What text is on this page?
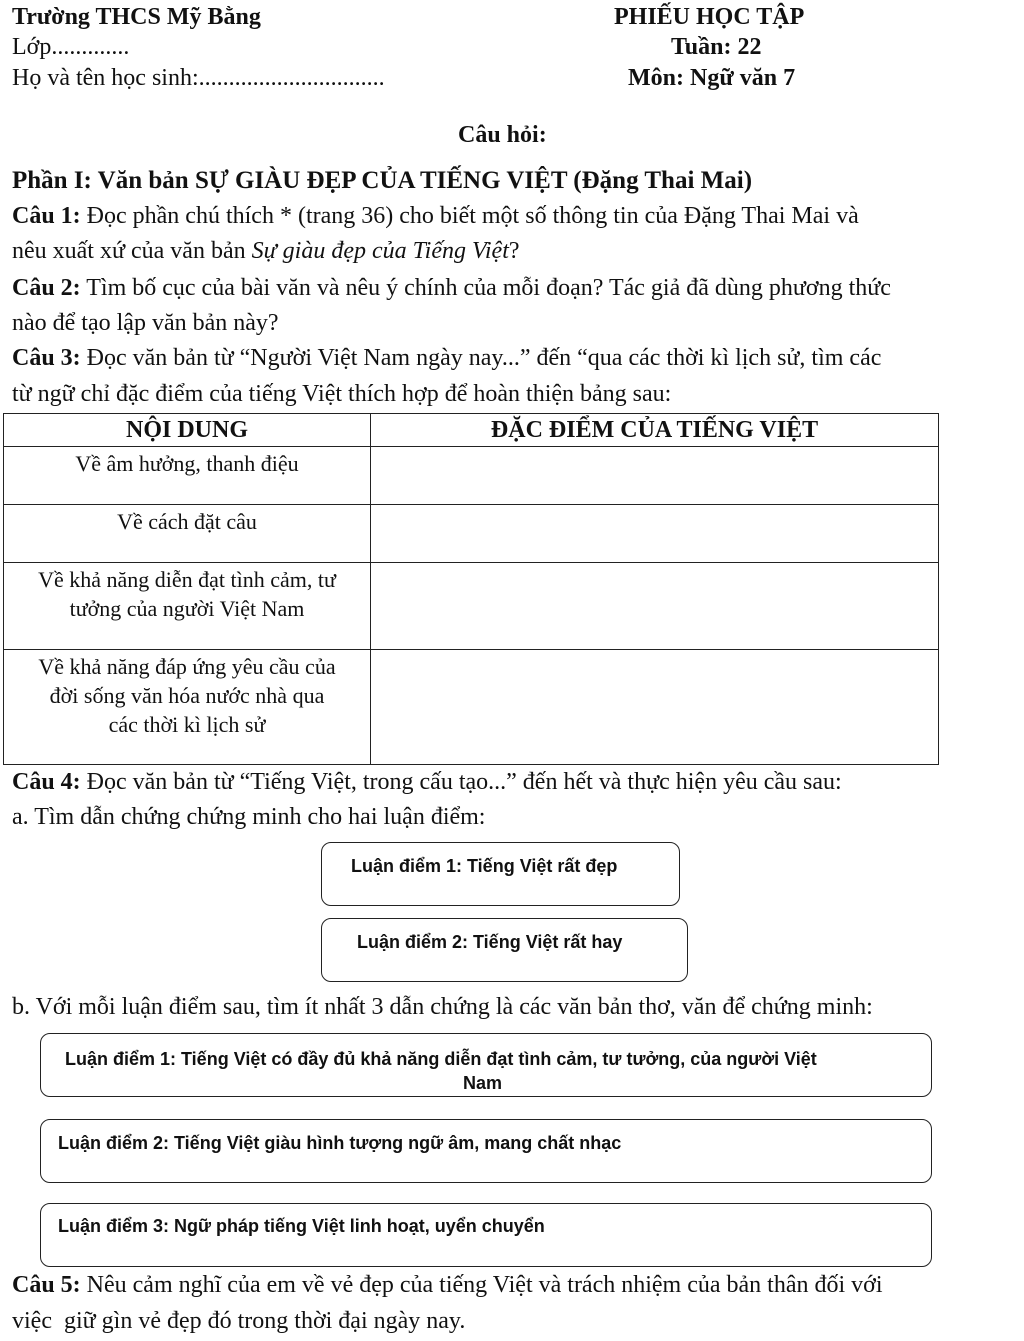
Trường THCS Mỹ Bằng
Lớp.............
Họ và tên học sinh:...............................
PHIẾU HỌC TẬP
Tuần: 22
Môn: Ngữ văn 7
Câu hỏi:
Phần I: Văn bản SỰ GIÀU ĐẸP CỦA TIẾNG VIỆT (Đặng Thai Mai)
Câu 1: Đọc phần chú thích * (trang 36) cho biết một số thông tin của Đặng Thai Mai và
nêu xuất xứ của văn bản Sự giàu đẹp của Tiếng Việt?
Câu 2: Tìm bố cục của bài văn và nêu ý chính của mỗi đoạn? Tác giả đã dùng phương thức
nào để tạo lập văn bản này?
Câu 3: Đọc văn bản từ “Người Việt Nam ngày nay...” đến “qua các thời kì lịch sử, tìm các
từ ngữ chỉ đặc điểm của tiếng Việt thích hợp để hoàn thiện bảng sau:
NỘI DUNG	ĐẶC ĐIỂM CỦA TIẾNG VIỆT

Về âm hưởng, thanh điệu	

Về cách đặt câu	

Về khả năng diễn đạt tình cảm, tư
tưởng của người Việt Nam	

Về khả năng đáp ứng yêu cầu của
đời sống văn hóa nước nhà qua
các thời kì lịch sử	

Câu 4: Đọc văn bản từ “Tiếng Việt, trong cấu tạo...” đến hết và thực hiện yêu cầu sau:
a. Tìm dẫn chứng chứng minh cho hai luận điểm:
Luận điểm 1: Tiếng Việt rất đẹp
Luận điểm 2: Tiếng Việt rất hay
b. Với mỗi luận điểm sau, tìm ít nhất 3 dẫn chứng là các văn bản thơ, văn để chứng minh:
Luận điểm 1: Tiếng Việt có đầy đủ khả năng diễn đạt tình cảm, tư tưởng, của người Việt
Nam
Luận điểm 2: Tiếng Việt giàu hình tượng ngữ âm, mang chất nhạc
Luận điểm 3: Ngữ pháp tiếng Việt linh hoạt, uyển chuyển
Câu 5: Nêu cảm nghĩ của em về vẻ đẹp của tiếng Việt và trách nhiệm của bản thân đối với
việc  giữ gìn vẻ đẹp đó trong thời đại ngày nay.
